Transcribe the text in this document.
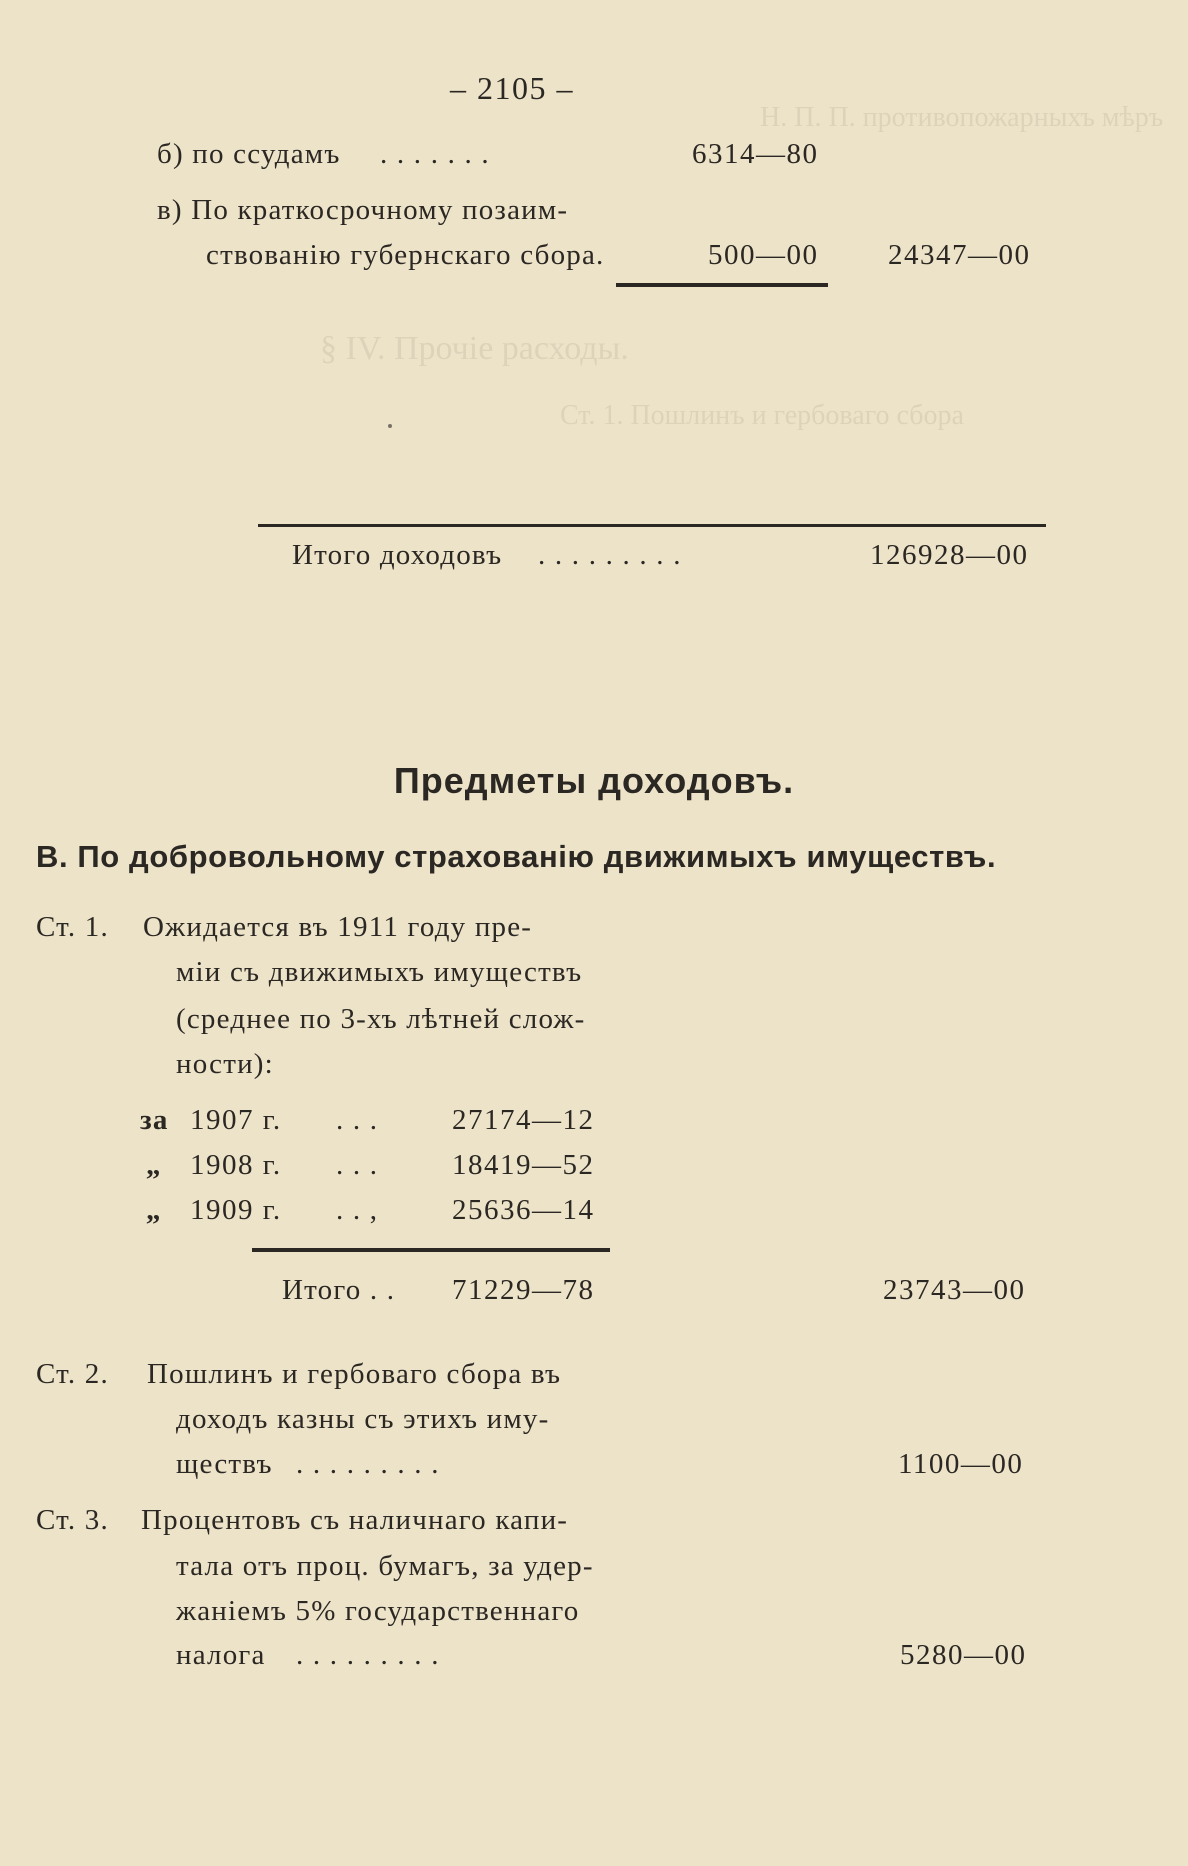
Н. П. П. противопожарныхъ мѣръ
§ IV. Прочіе расходы.
Ст. 1. Пошлинъ и гербоваго сбора
– 2105 –
б) по ссудамъ . . . . . . .	6314—80
в) По краткосрочному позаим-
ствованію губернскаго сбора.	500—00 24347—00
Итого доходовъ . . . . . . . . .	126928—00
Предметы доходовъ.
В. По добровольному страхованію движимыхъ имуществъ.
Ст. 1. Ожидается въ 1911 году пре-
міи съ движимыхъ имуществъ
(среднее по 3-хъ лѣтней слож-
ности):
за 1907 г. . . .	27174—12
„ 1908 г. . . .	18419—52
„ 1909 г. . . ,	25636—14
Итого . . 71229—78	23743—00
Ст. 2. Пошлинъ и гербоваго сбора въ
доходъ казны съ этихъ иму-
ществъ . . . . . . . . .	1100—00
Ст. 3. Процентовъ съ наличнаго капи-
тала отъ проц. бумагъ, за удер-
жаніемъ 5% государственнаго
налога . . . . . . . . .	5280—00
